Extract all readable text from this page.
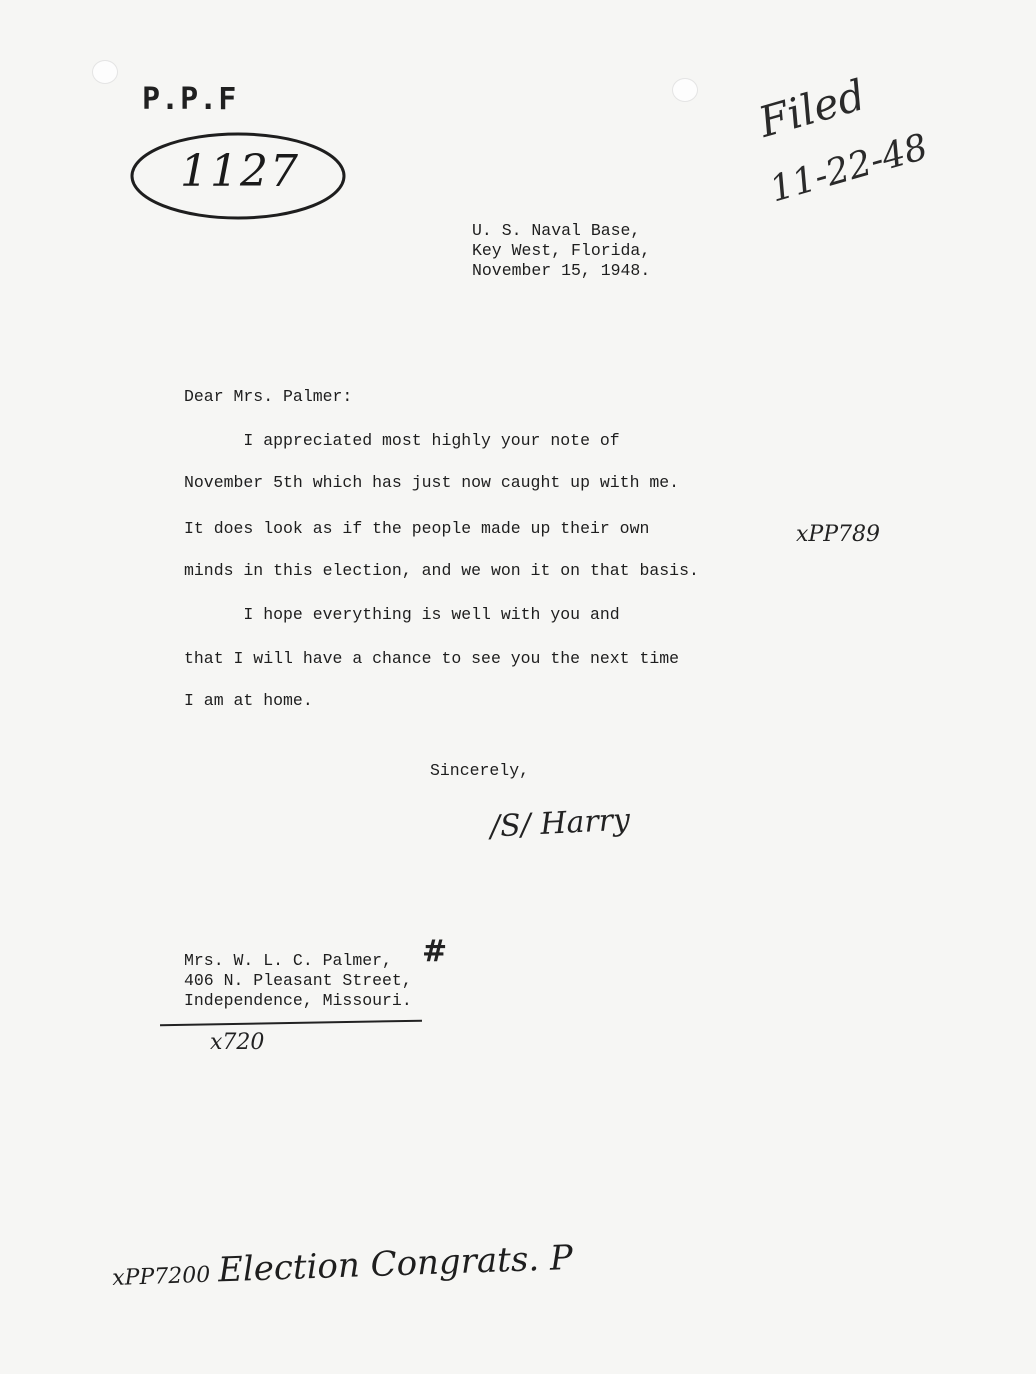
P.P.F
1127
Filed
11-22-48
U. S. Naval Base,
Key West, Florida,
November 15, 1948.
Dear Mrs. Palmer:
I appreciated most highly your note of
November 5th which has just now caught up with me.
It does look as if the people made up their own
minds in this election, and we won it on that basis.
I hope everything is well with you and
that I will have a chance to see you the next time
I am at home.
xPP789
Sincerely,
/S/ Harry
Mrs. W. L. C. Palmer,
406 N. Pleasant Street,
Independence, Missouri.
#
x720
xPP7200 Election Congrats. P
